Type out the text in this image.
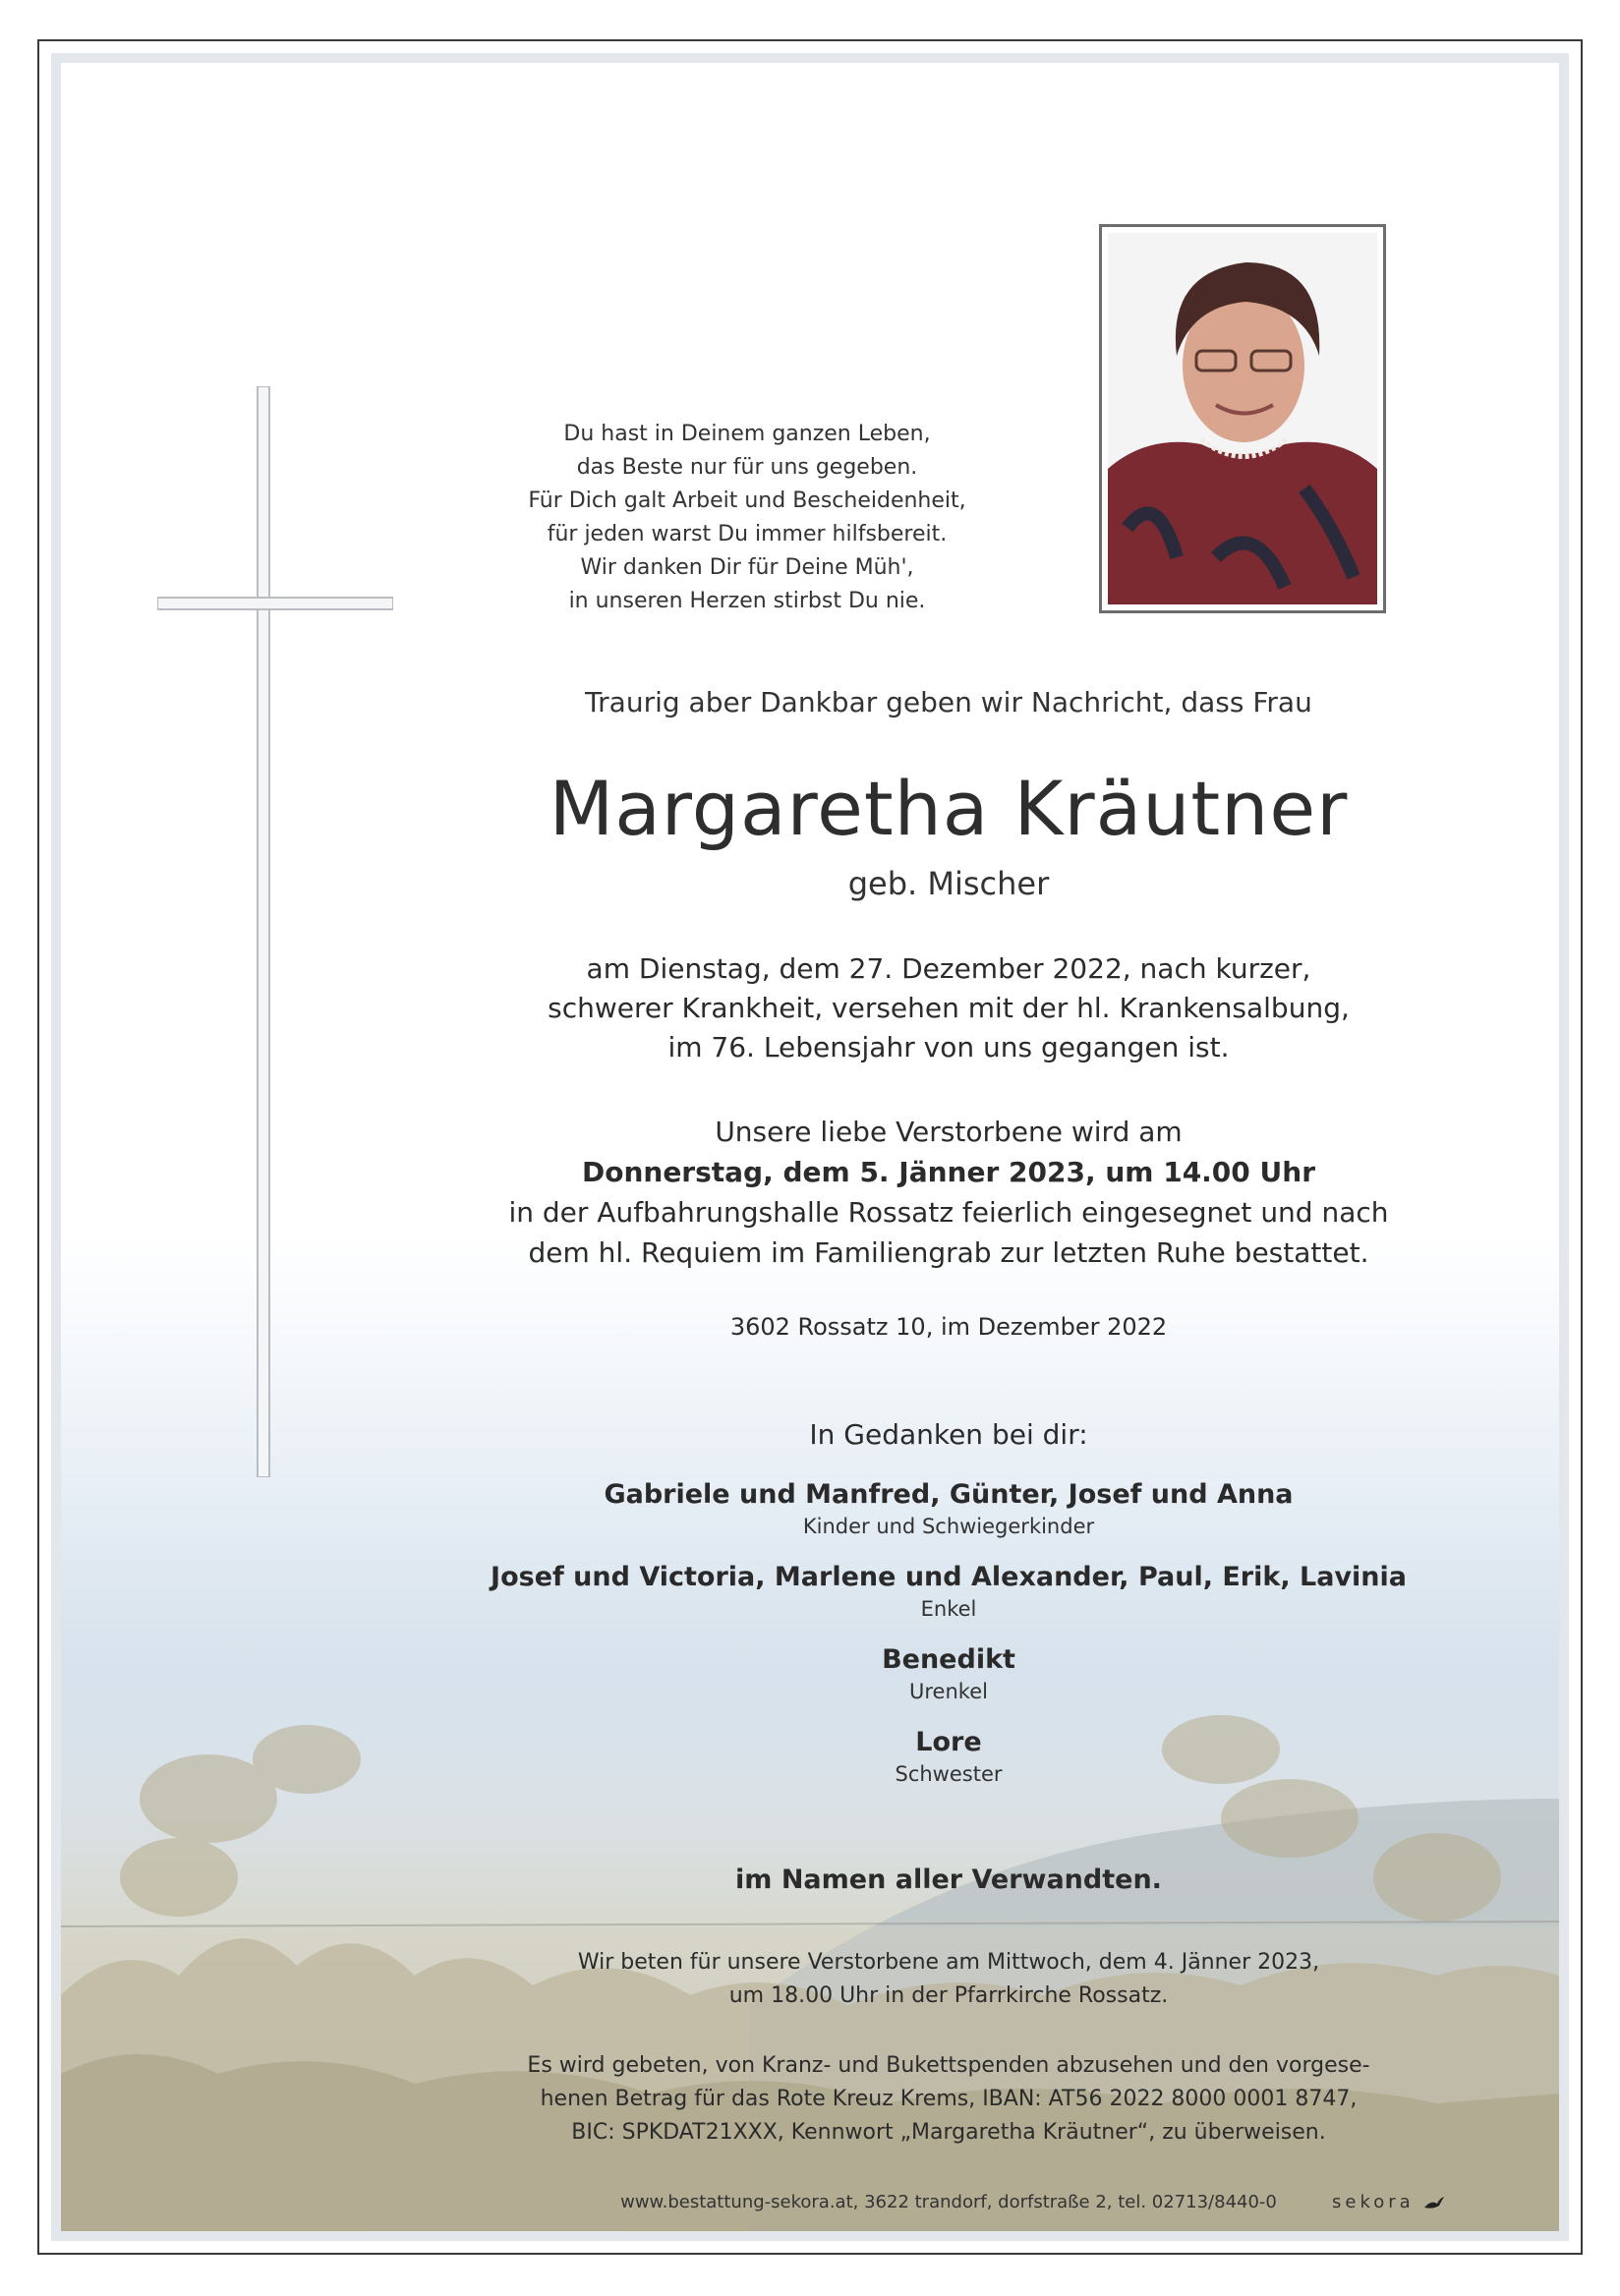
Du hast in Deinem ganzen Leben,
das Beste nur für uns gegeben.
Für Dich galt Arbeit und Bescheidenheit,
für jeden warst Du immer hilfsbereit.
Wir danken Dir für Deine Müh',
in unseren Herzen stirbst Du nie.
Traurig aber Dankbar geben wir Nachricht, dass Frau
Margaretha Kräutner
geb. Mischer
am Dienstag, dem 27. Dezember 2022, nach kurzer,
schwerer Krankheit, versehen mit der hl. Krankensalbung,
im 76. Lebensjahr von uns gegangen ist.
Unsere liebe Verstorbene wird am
Donnerstag, dem 5. Jänner 2023, um 14.00 Uhr
in der Aufbahrungshalle Rossatz feierlich eingesegnet und nach
dem hl. Requiem im Familiengrab zur letzten Ruhe bestattet.
3602 Rossatz 10, im Dezember 2022
In Gedanken bei dir:
Gabriele und Manfred, Günter, Josef und Anna
Kinder und Schwiegerkinder
Josef und Victoria, Marlene und Alexander, Paul, Erik, Lavinia
Enkel
Benedikt
Urenkel
Lore
Schwester
im Namen aller Verwandten.
Wir beten für unsere Verstorbene am Mittwoch, dem 4. Jänner 2023,
um 18.00 Uhr in der Pfarrkirche Rossatz.
Es wird gebeten, von Kranz- und Bukettspenden abzusehen und den vorgese-
henen Betrag für das Rote Kreuz Krems, IBAN: AT56 2022 8000 0001 8747,
BIC: SPKDAT21XXX, Kennwort „Margaretha Kräutner“, zu überweisen.
www.bestattung-sekora.at, 3622 trandorf, dorfstraße 2, tel. 02713/8440-0	sekora
